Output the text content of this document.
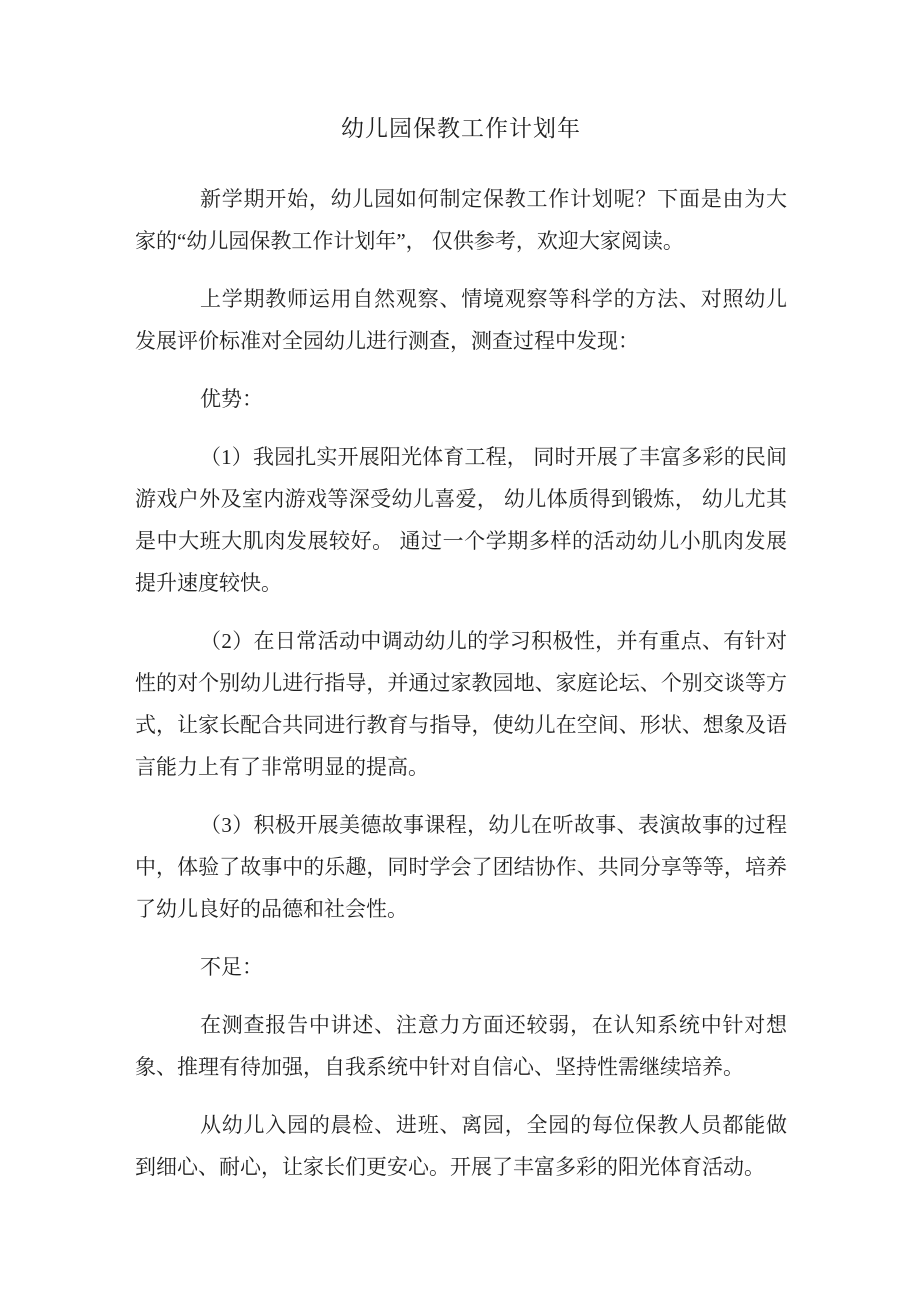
幼儿园保教工作计划年

新学期开始，幼儿园如何制定保教工作计划呢？下面是由为大家的“幼儿园保教工作计划年”， 仅供参考，欢迎大家阅读。

上学期教师运用自然观察、情境观察等科学的方法、对照幼儿发展评价标准对全园幼儿进行测查，测查过程中发现：

优势：

（1）我园扎实开展阳光体育工程， 同时开展了丰富多彩的民间游戏户外及室内游戏等深受幼儿喜爱， 幼儿体质得到锻炼， 幼儿尤其是中大班大肌肉发展较好。 通过一个学期多样的活动幼儿小肌肉发展提升速度较快。

（2）在日常活动中调动幼儿的学习积极性，并有重点、有针对性的对个别幼儿进行指导，并通过家教园地、家庭论坛、个别交谈等方式，让家长配合共同进行教育与指导，使幼儿在空间、形状、想象及语言能力上有了非常明显的提高。

（3）积极开展美德故事课程，幼儿在听故事、表演故事的过程中，体验了故事中的乐趣，同时学会了团结协作、共同分享等等，培养了幼儿良好的品德和社会性。

不足：

在测查报告中讲述、注意力方面还较弱，在认知系统中针对想象、推理有待加强，自我系统中针对自信心、坚持性需继续培养。

从幼儿入园的晨检、进班、离园，全园的每位保教人员都能做到细心、耐心，让家长们更安心。开展了丰富多彩的阳光体育活动。
